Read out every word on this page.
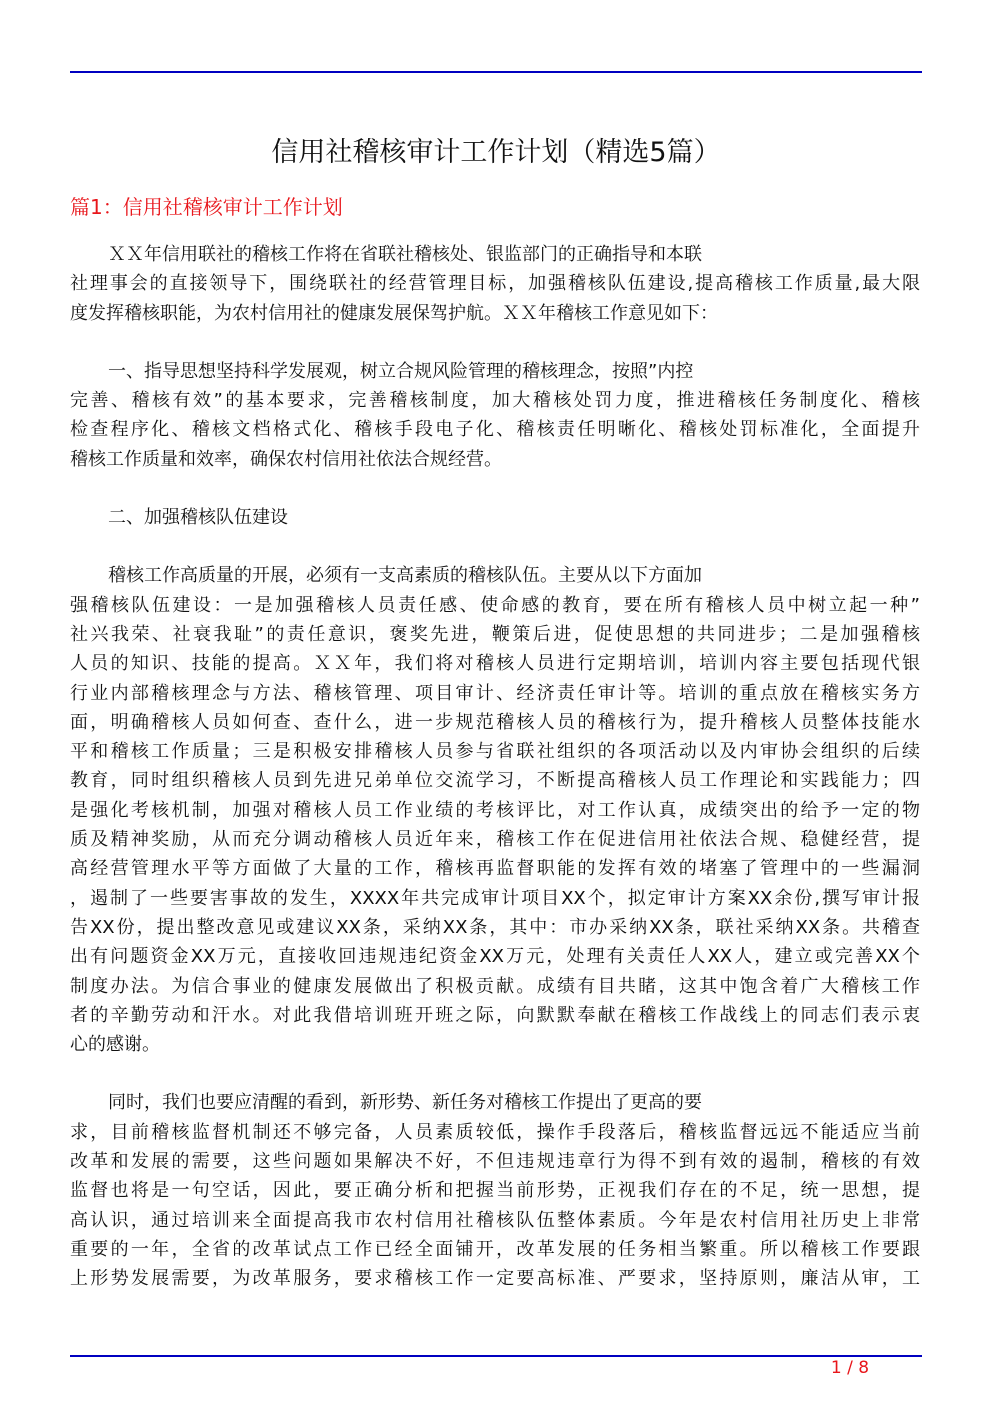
信用社稽核审计工作计划（精选5篇）
篇1：信用社稽核审计工作计划
ＸＸ年信用联社的稽核工作将在省联社稽核处、银监部门的正确指导和本联
社理事会的直接领导下，围绕联社的经营管理目标，加强稽核队伍建设,提高稽核工作质量,最大限
度发挥稽核职能，为农村信用社的健康发展保驾护航。ＸＸ年稽核工作意见如下：
一、指导思想坚持科学发展观，树立合规风险管理的稽核理念，按照”内控
完善、稽核有效”的基本要求，完善稽核制度，加大稽核处罚力度，推进稽核任务制度化、稽核
检查程序化、稽核文档格式化、稽核手段电子化、稽核责任明晰化、稽核处罚标准化，全面提升
稽核工作质量和效率，确保农村信用社依法合规经营。
二、加强稽核队伍建设
稽核工作高质量的开展，必须有一支高素质的稽核队伍。主要从以下方面加
强稽核队伍建设：一是加强稽核人员责任感、使命感的教育，要在所有稽核人员中树立起一种”
社兴我荣、社衰我耻”的责任意识，褒奖先进，鞭策后进，促使思想的共同进步；二是加强稽核
人员的知识、技能的提高。ＸＸ年，我们将对稽核人员进行定期培训，培训内容主要包括现代银
行业内部稽核理念与方法、稽核管理、项目审计、经济责任审计等。培训的重点放在稽核实务方
面，明确稽核人员如何查、查什么，进一步规范稽核人员的稽核行为，提升稽核人员整体技能水
平和稽核工作质量；三是积极安排稽核人员参与省联社组织的各项活动以及内审协会组织的后续
教育，同时组织稽核人员到先进兄弟单位交流学习，不断提高稽核人员工作理论和实践能力；四
是强化考核机制，加强对稽核人员工作业绩的考核评比，对工作认真，成绩突出的给予一定的物
质及精神奖励，从而充分调动稽核人员近年来，稽核工作在促进信用社依法合规、稳健经营，提
高经营管理水平等方面做了大量的工作，稽核再监督职能的发挥有效的堵塞了管理中的一些漏洞
，遏制了一些要害事故的发生，XXXX年共完成审计项目XX个，拟定审计方案XX余份,撰写审计报
告XX份，提出整改意见或建议XX条，采纳XX条，其中：市办采纳XX条，联社采纳XX条。共稽查
出有问题资金XX万元，直接收回违规违纪资金XX万元，处理有关责任人XX人，建立或完善XX个
制度办法。为信合事业的健康发展做出了积极贡献。成绩有目共睹，这其中饱含着广大稽核工作
者的辛勤劳动和汗水。对此我借培训班开班之际，向默默奉献在稽核工作战线上的同志们表示衷
心的感谢。
同时，我们也要应清醒的看到，新形势、新任务对稽核工作提出了更高的要
求，目前稽核监督机制还不够完备，人员素质较低，操作手段落后，稽核监督远远不能适应当前
改革和发展的需要，这些问题如果解决不好，不但违规违章行为得不到有效的遏制，稽核的有效
监督也将是一句空话，因此，要正确分析和把握当前形势，正视我们存在的不足，统一思想，提
高认识，通过培训来全面提高我市农村信用社稽核队伍整体素质。今年是农村信用社历史上非常
重要的一年，全省的改革试点工作已经全面铺开，改革发展的任务相当繁重。所以稽核工作要跟
上形势发展需要，为改革服务，要求稽核工作一定要高标准、严要求，坚持原则，廉洁从审，工
1 / 8
